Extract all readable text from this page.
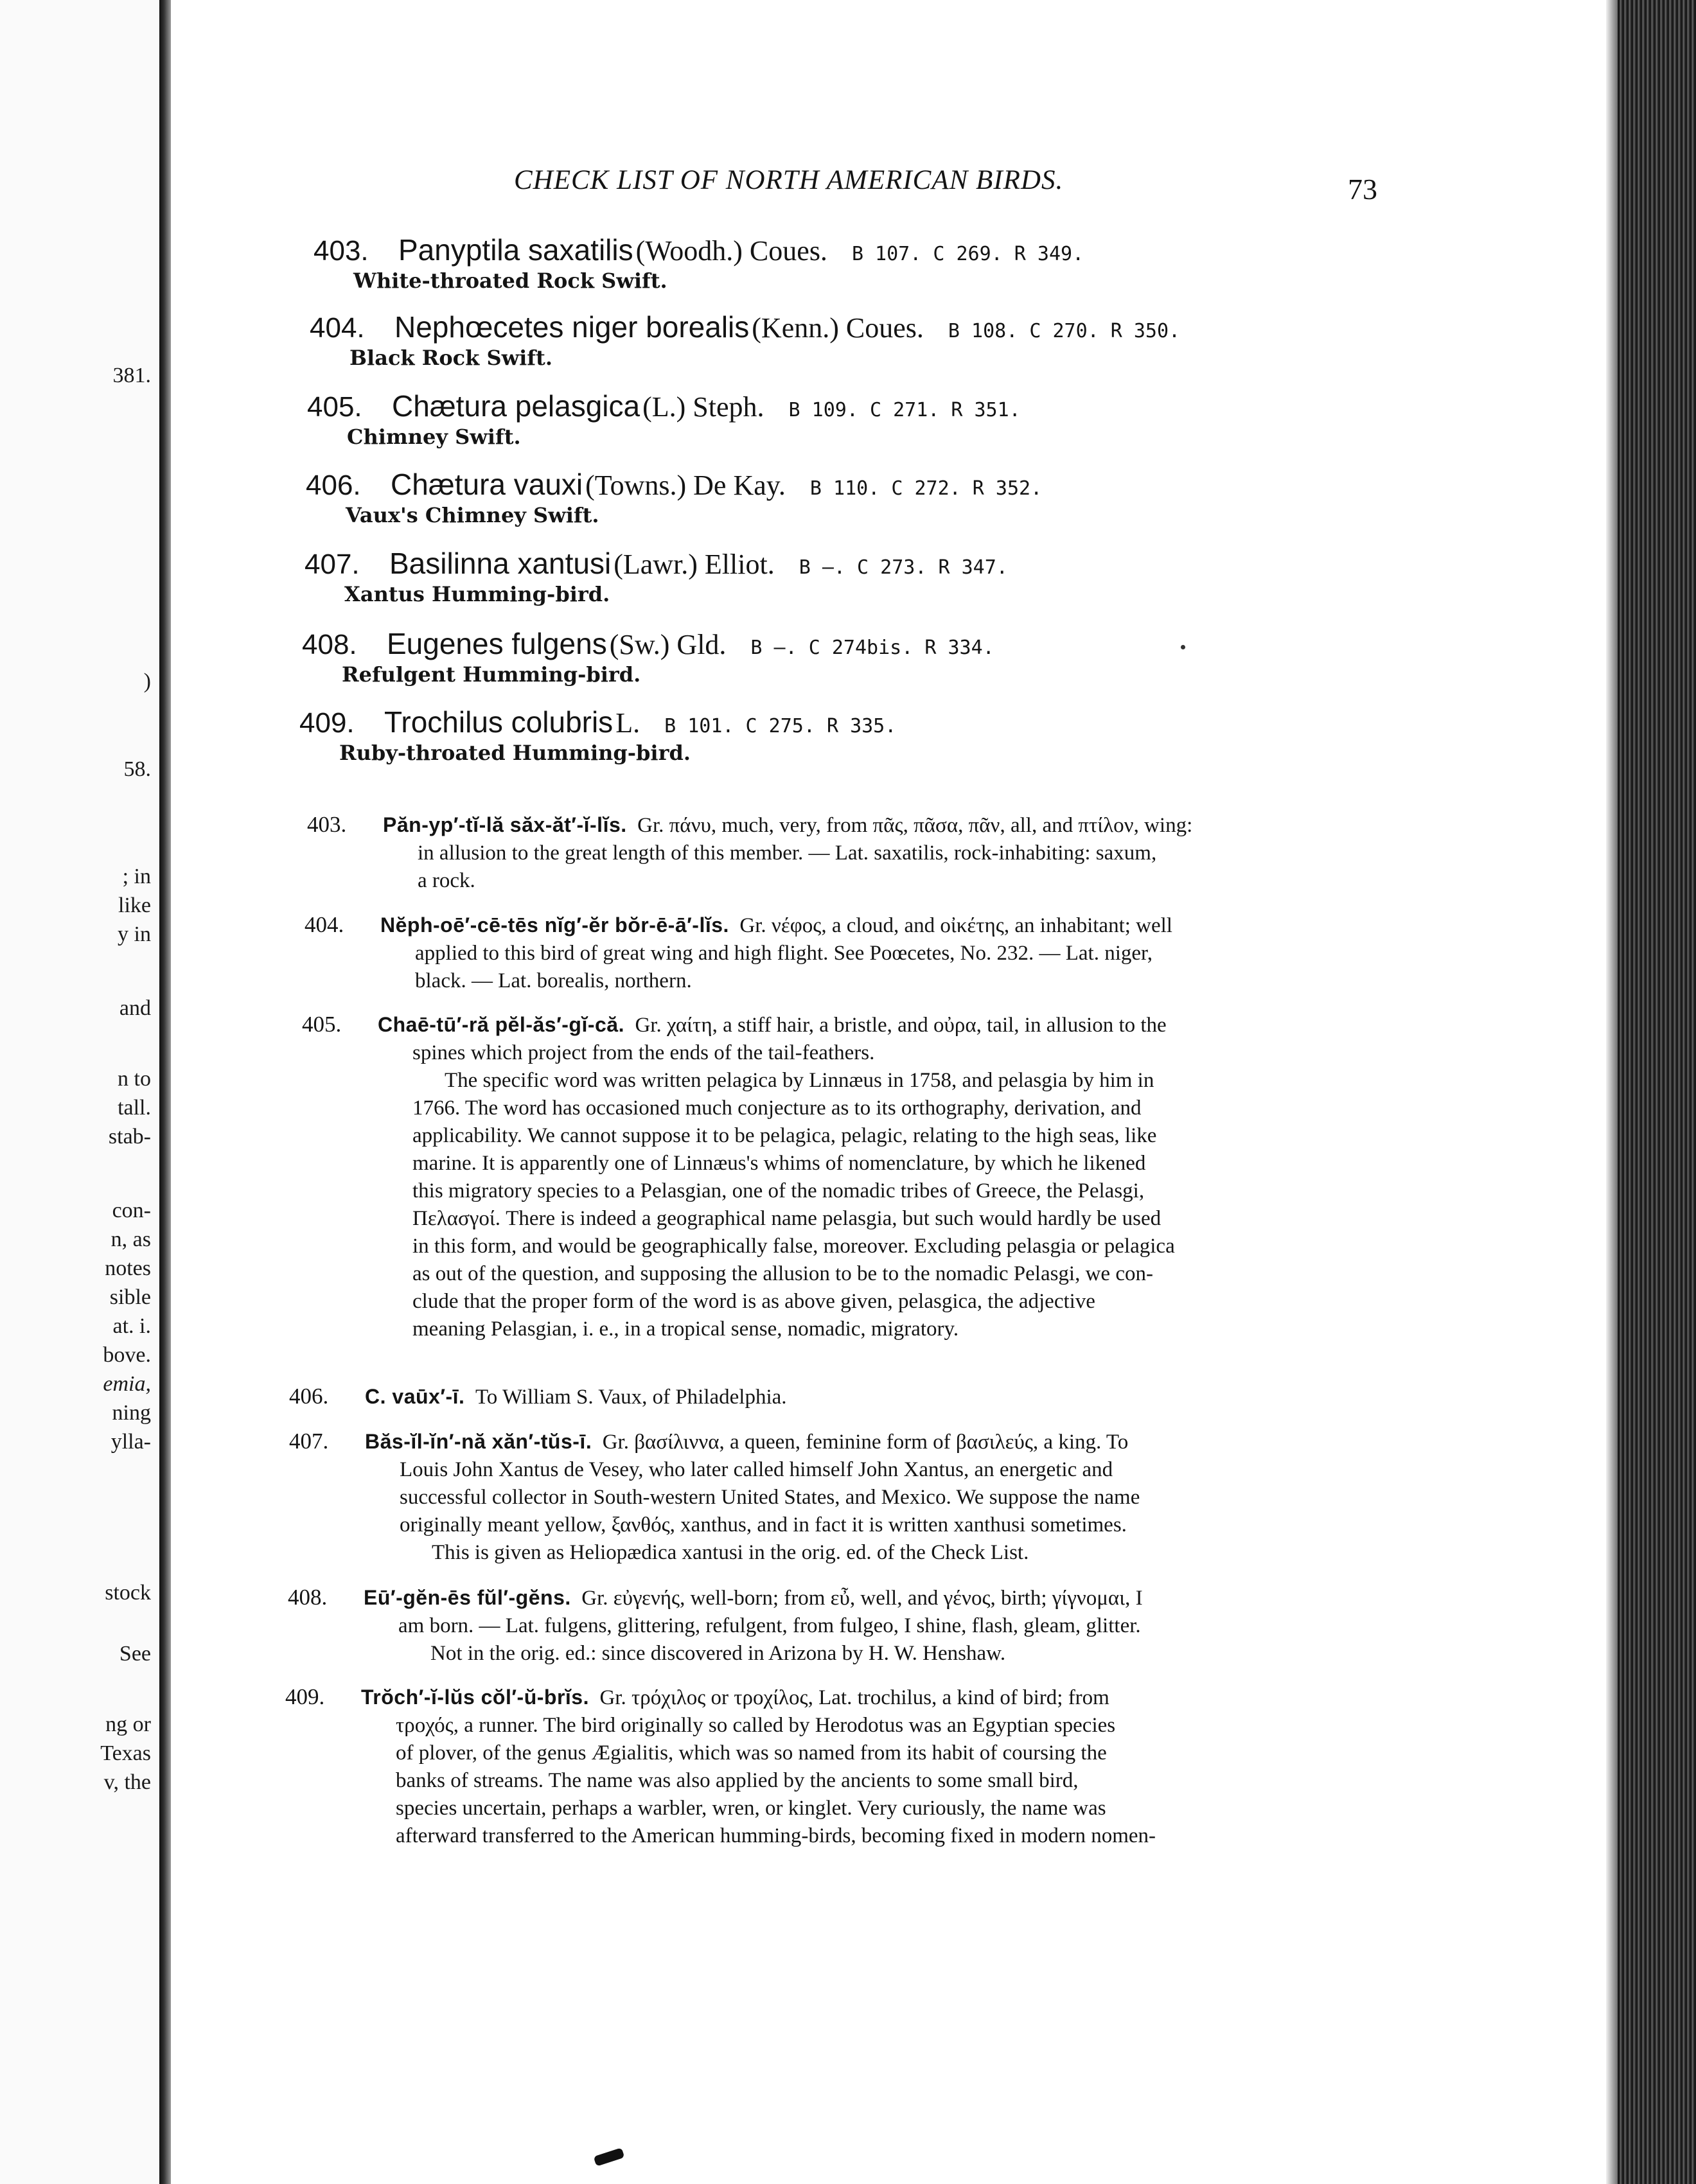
381.
)
58.
; in
like
y in
and
n to
tall.
stab-
con-
n, as
notes
sible
at. i.
bove.
emia,
ning
ylla-
stock
See
ng or
Texas
v, the
CHECK LIST OF NORTH AMERICAN BIRDS.	73
403. Panyptila saxatilis (Woodh.) Coues. B 107. C 269. R 349.
White-throated Rock Swift.
404. Nephœcetes niger borealis (Kenn.) Coues. B 108. C 270. R 350.
Black Rock Swift.
405. Chætura pelasgica (L.) Steph. B 109. C 271. R 351.
Chimney Swift.
406. Chætura vauxi (Towns.) De Kay. B 110. C 272. R 352.
Vaux's Chimney Swift.
407. Basilinna xantusi (Lawr.) Elliot. B —. C 273. R 347.
Xantus Humming-bird.
408. Eugenes fulgens (Sw.) Gld. B —. C 274bis. R 334.
Refulgent Humming-bird.
409. Trochilus colubris L. B 101. C 275. R 335.
Ruby-throated Humming-bird.
403. Păn-yp′-tĭ-lă săx-ăt′-ĭ-lĭs. Gr. πάνυ, much, very, from πᾶς, πᾶσα, πᾶν, all, and πτίλον, wing:
in allusion to the great length of this member. — Lat. saxatilis, rock-inhabiting: saxum,
a rock.
404. Nĕph-oē′-cē-tēs nĭg′-ĕr bŏr-ē-ā′-lĭs. Gr. νέφος, a cloud, and οἰκέτης, an inhabitant; well
applied to this bird of great wing and high flight. See Poœcetes, No. 232. — Lat. niger,
black. — Lat. borealis, northern.
405. Chaē-tū′-ră pĕl-ăs′-gĭ-că. Gr. χαίτη, a stiff hair, a bristle, and οὐρα, tail, in allusion to the
spines which project from the ends of the tail-feathers.
The specific word was written pelagica by Linnæus in 1758, and pelasgia by him in
1766. The word has occasioned much conjecture as to its orthography, derivation, and
applicability. We cannot suppose it to be pelagica, pelagic, relating to the high seas, like
marine. It is apparently one of Linnæus's whims of nomenclature, by which he likened
this migratory species to a Pelasgian, one of the nomadic tribes of Greece, the Pelasgi,
Πελασγοί. There is indeed a geographical name pelasgia, but such would hardly be used
in this form, and would be geographically false, moreover. Excluding pelasgia or pelagica
as out of the question, and supposing the allusion to be to the nomadic Pelasgi, we con-
clude that the proper form of the word is as above given, pelasgica, the adjective
meaning Pelasgian, i. e., in a tropical sense, nomadic, migratory.
406. C. vaūx′-ī. To William S. Vaux, of Philadelphia.
407. Băs-ĭl-ĭn′-nă xăn′-tŭs-ī. Gr. βασίλιννα, a queen, feminine form of βασιλεύς, a king. To
Louis John Xantus de Vesey, who later called himself John Xantus, an energetic and
successful collector in South-western United States, and Mexico. We suppose the name
originally meant yellow, ξανθός, xanthus, and in fact it is written xanthusi sometimes.
This is given as Heliopædica xantusi in the orig. ed. of the Check List.
408. Eū′-gĕn-ēs fŭl′-gĕns. Gr. εὐγενής, well-born; from εὖ, well, and γένος, birth; γίγνομαι, I
am born. — Lat. fulgens, glittering, refulgent, from fulgeo, I shine, flash, gleam, glitter.
Not in the orig. ed.: since discovered in Arizona by H. W. Henshaw.
409. Trŏch′-ĭ-lŭs cŏl′-ŭ-brĭs. Gr. τρόχιλος or τροχίλος, Lat. trochilus, a kind of bird; from
τροχός, a runner. The bird originally so called by Herodotus was an Egyptian species
of plover, of the genus Ægialitis, which was so named from its habit of coursing the
banks of streams. The name was also applied by the ancients to some small bird,
species uncertain, perhaps a warbler, wren, or kinglet. Very curiously, the name was
afterward transferred to the American humming-birds, becoming fixed in modern nomen-
